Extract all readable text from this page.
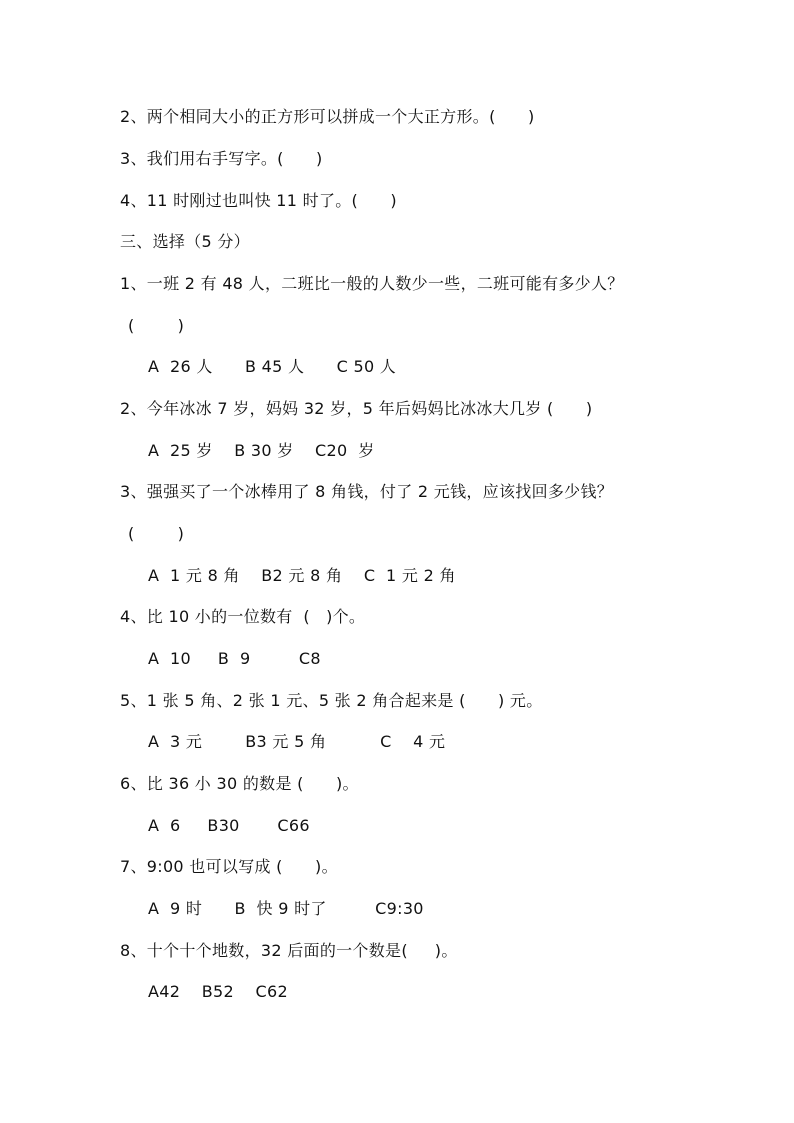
2、两个相同大小的正方形可以拼成一个大正方形。(      )
3、我们用右手写字。(      )
4、11 时刚过也叫快 11 时了。(      )
三、选择（5 分）
1、一班 2 有 48 人，二班比一般的人数少一些，二班可能有多少人？
(        )
A  26 人      B 45 人      C 50 人
2、今年冰冰 7 岁，妈妈 32 岁，5 年后妈妈比冰冰大几岁 (      )
A  25 岁    B 30 岁    C20  岁
3、强强买了一个冰棒用了 8 角钱，付了 2 元钱，应该找回多少钱？
(        )
A  1 元 8 角    B2 元 8 角    C  1 元 2 角
4、比 10 小的一位数有  (   )个。
A  10     B  9         C8
5、1 张 5 角、2 张 1 元、5 张 2 角合起来是 (      ) 元。
A  3 元        B3 元 5 角          C    4 元
6、比 36 小 30 的数是 (      )。
A  6     B30       C66
7、9:00 也可以写成 (      )。
A  9 时      B  快 9 时了         C9:30
8、十个十个地数，32 后面的一个数是(     )。
A42    B52    C62
